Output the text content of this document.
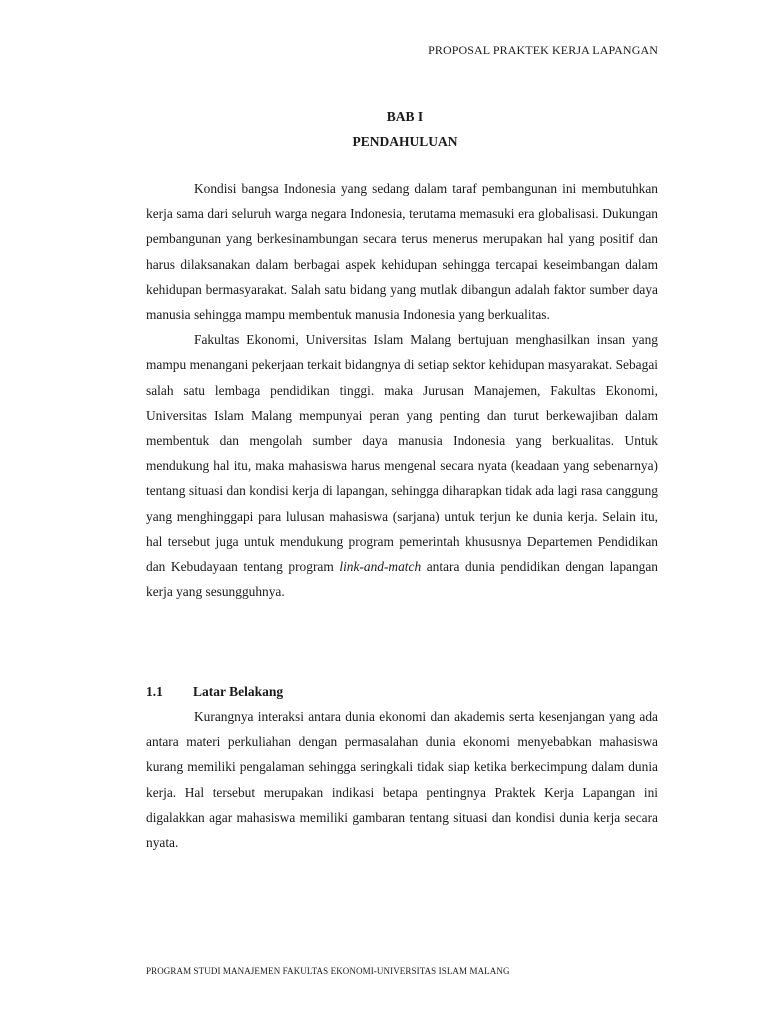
PROPOSAL PRAKTEK KERJA LAPANGAN
BAB I
PENDAHULUAN

Kondisi bangsa Indonesia yang sedang dalam taraf pembangunan ini membutuhkan kerja sama dari seluruh warga negara Indonesia, terutama memasuki era globalisasi. Dukungan pembangunan yang berkesinambungan secara terus menerus merupakan hal yang positif dan harus dilaksanakan dalam berbagai aspek kehidupan sehingga tercapai keseimbangan dalam kehidupan bermasyarakat. Salah satu bidang yang mutlak dibangun adalah faktor sumber daya manusia sehingga mampu membentuk manusia Indonesia yang berkualitas.

Fakultas Ekonomi, Universitas Islam Malang bertujuan menghasilkan insan yang mampu menangani pekerjaan terkait bidangnya di setiap sektor kehidupan masyarakat. Sebagai salah satu lembaga pendidikan tinggi. maka Jurusan Manajemen, Fakultas Ekonomi, Universitas Islam Malang mempunyai peran yang penting dan turut berkewajiban dalam membentuk dan mengolah sumber daya manusia Indonesia yang berkualitas. Untuk mendukung hal itu, maka mahasiswa harus mengenal secara nyata (keadaan yang sebenarnya) tentang situasi dan kondisi kerja di lapangan, sehingga diharapkan tidak ada lagi rasa canggung yang menghinggapi para lulusan mahasiswa (sarjana) untuk terjun ke dunia kerja. Selain itu, hal tersebut juga untuk mendukung program pemerintah khususnya Departemen Pendidikan dan Kebudayaan tentang program link-and-match antara dunia pendidikan dengan lapangan kerja yang sesungguhnya.

1.1 Latar Belakang

Kurangnya interaksi antara dunia ekonomi dan akademis serta kesenjangan yang ada antara materi perkuliahan dengan permasalahan dunia ekonomi menyebabkan mahasiswa kurang memiliki pengalaman sehingga seringkali tidak siap ketika berkecimpung dalam dunia kerja. Hal tersebut merupakan indikasi betapa pentingnya Praktek Kerja Lapangan ini digalakkan agar mahasiswa memiliki gambaran tentang situasi dan kondisi dunia kerja secara nyata.

PROGRAM STUDI MANAJEMEN FAKULTAS EKONOMI-UNIVERSITAS ISLAM MALANG
